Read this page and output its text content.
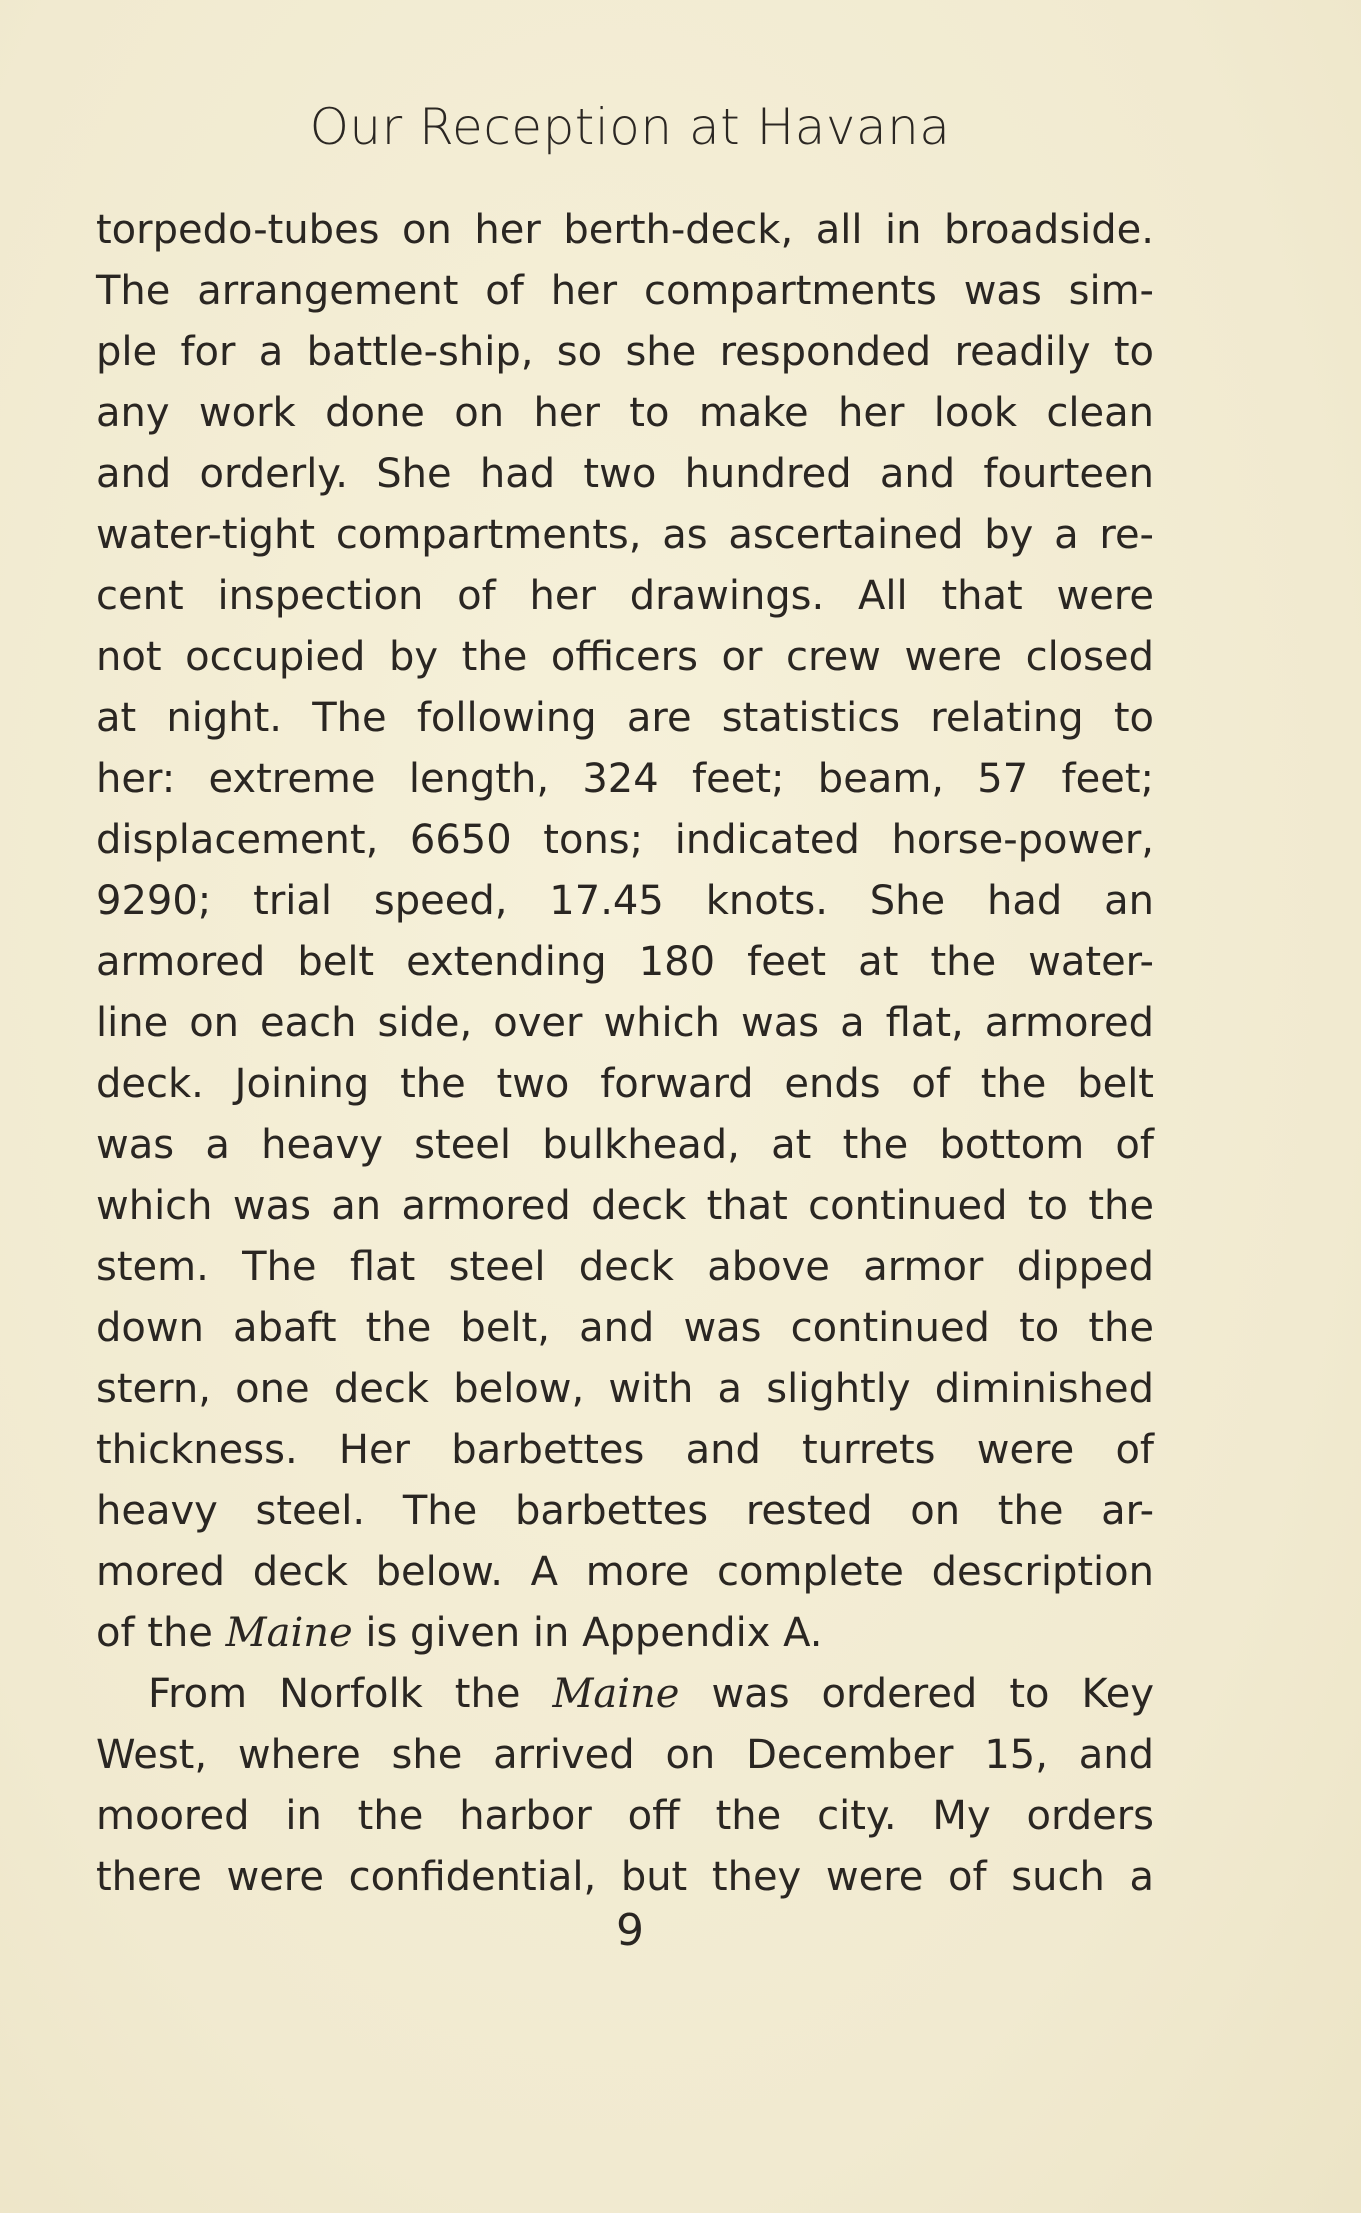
Our Reception at Havana
torpedo-tubes on her berth-deck, all in broadside.
The arrangement of her compartments was sim-
ple for a battle-ship, so she responded readily to
any work done on her to make her look clean
and orderly. She had two hundred and fourteen
water-tight compartments, as ascertained by a re-
cent inspection of her drawings. All that were
not occupied by the officers or crew were closed
at night. The following are statistics relating to
her: extreme length, 324 feet; beam, 57 feet;
displacement, 6650 tons; indicated horse-power,
9290; trial speed, 17.45 knots. She had an
armored belt extending 180 feet at the water-
line on each side, over which was a flat, armored
deck. Joining the two forward ends of the belt
was a heavy steel bulkhead, at the bottom of
which was an armored deck that continued to the
stem. The flat steel deck above armor dipped
down abaft the belt, and was continued to the
stern, one deck below, with a slightly diminished
thickness. Her barbettes and turrets were of
heavy steel. The barbettes rested on the ar-
mored deck below. A more complete description
of the Maine is given in Appendix A.
From Norfolk the Maine was ordered to Key
West, where she arrived on December 15, and
moored in the harbor off the city. My orders
there were confidential, but they were of such a
9
